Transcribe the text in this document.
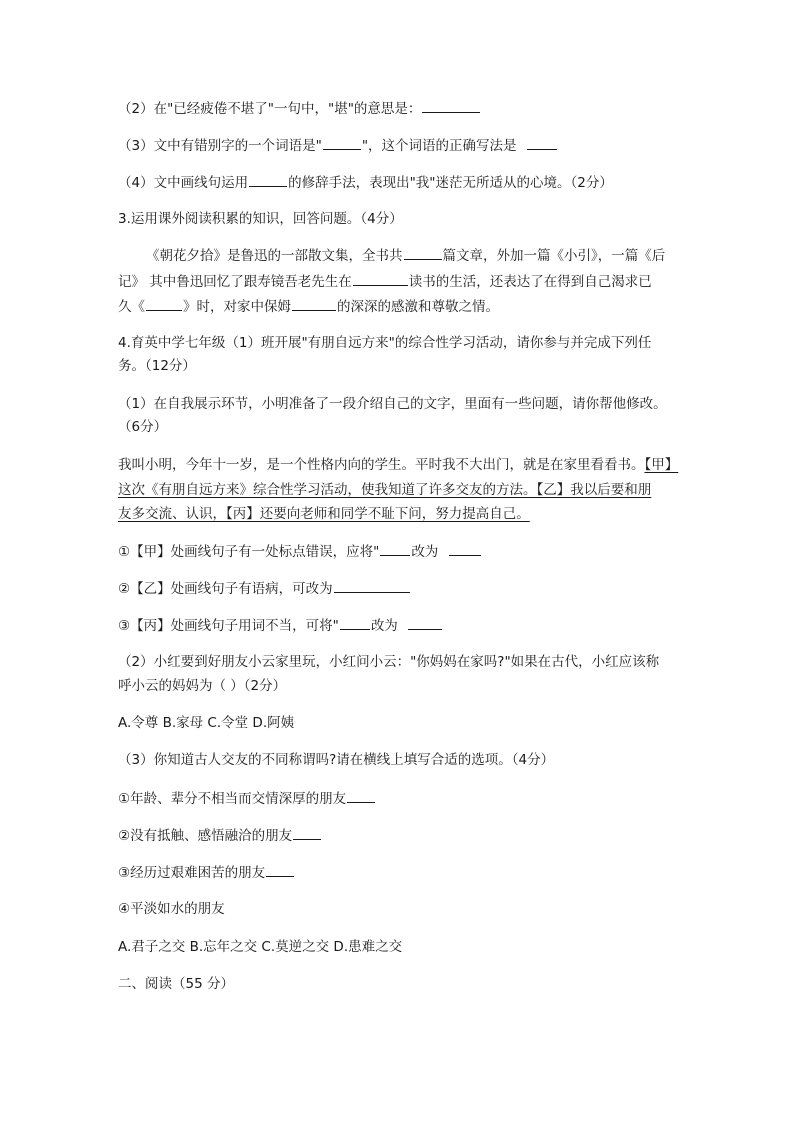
（2）在"已经疲倦不堪了"一句中，"堪"的意思是：
（3）文中有错别字的一个词语是"	"，这个词语的正确写法是
（4）文中画线句运用	的修辞手法，表现出"我"迷茫无所适从的心境。（2分）
3.运用课外阅读积累的知识，回答问题。（4分）
《朝花夕拾》是鲁迅的一部散文集，全书共	篇文章，外加一篇《小引》，一篇《后
记》 其中鲁迅回忆了跟寿镜吾老先生在	读书的生活，还表达了在得到自己渴求已
久《	》时，对家中保姆	的深深的感激和尊敬之情。
4.育英中学七年级（1）班开展"有朋自远方来"的综合性学习活动，请你参与并完成下列任
务。（12分）
（1）在自我展示环节，小明准备了一段介绍自己的文字，里面有一些问题，请你帮他修改。
（6分）
我叫小明，今年十一岁，是一个性格内向的学生。平时我不大出门，就是在家里看看书。【甲】
这次《有朋自远方来》综合性学习活动，使我知道了许多交友的方法。【乙】我以后要和朋
友多交流、认识，【丙】还要向老师和同学不耻下问，努力提高自己。
①【甲】处画线句子有一处标点错误，应将" 改为
②【乙】处画线句子有语病，可改为
③【丙】处画线句子用词不当，可将" 改为
（2）小红要到好朋友小云家里玩，小红问小云："你妈妈在家吗?"如果在古代，小红应该称
呼小云的妈妈为（ ）（2分）
A.令尊 B.家母 C.令堂 D.阿姨
（3）你知道古人交友的不同称谓吗?请在横线上填写合适的选项。（4分）
①年龄、辈分不相当而交情深厚的朋友
②没有抵触、感悟融洽的朋友
③经历过艰难困苦的朋友
④平淡如水的朋友
A.君子之交 B.忘年之交 C.莫逆之交 D.患难之交
二、阅读（55 分）
